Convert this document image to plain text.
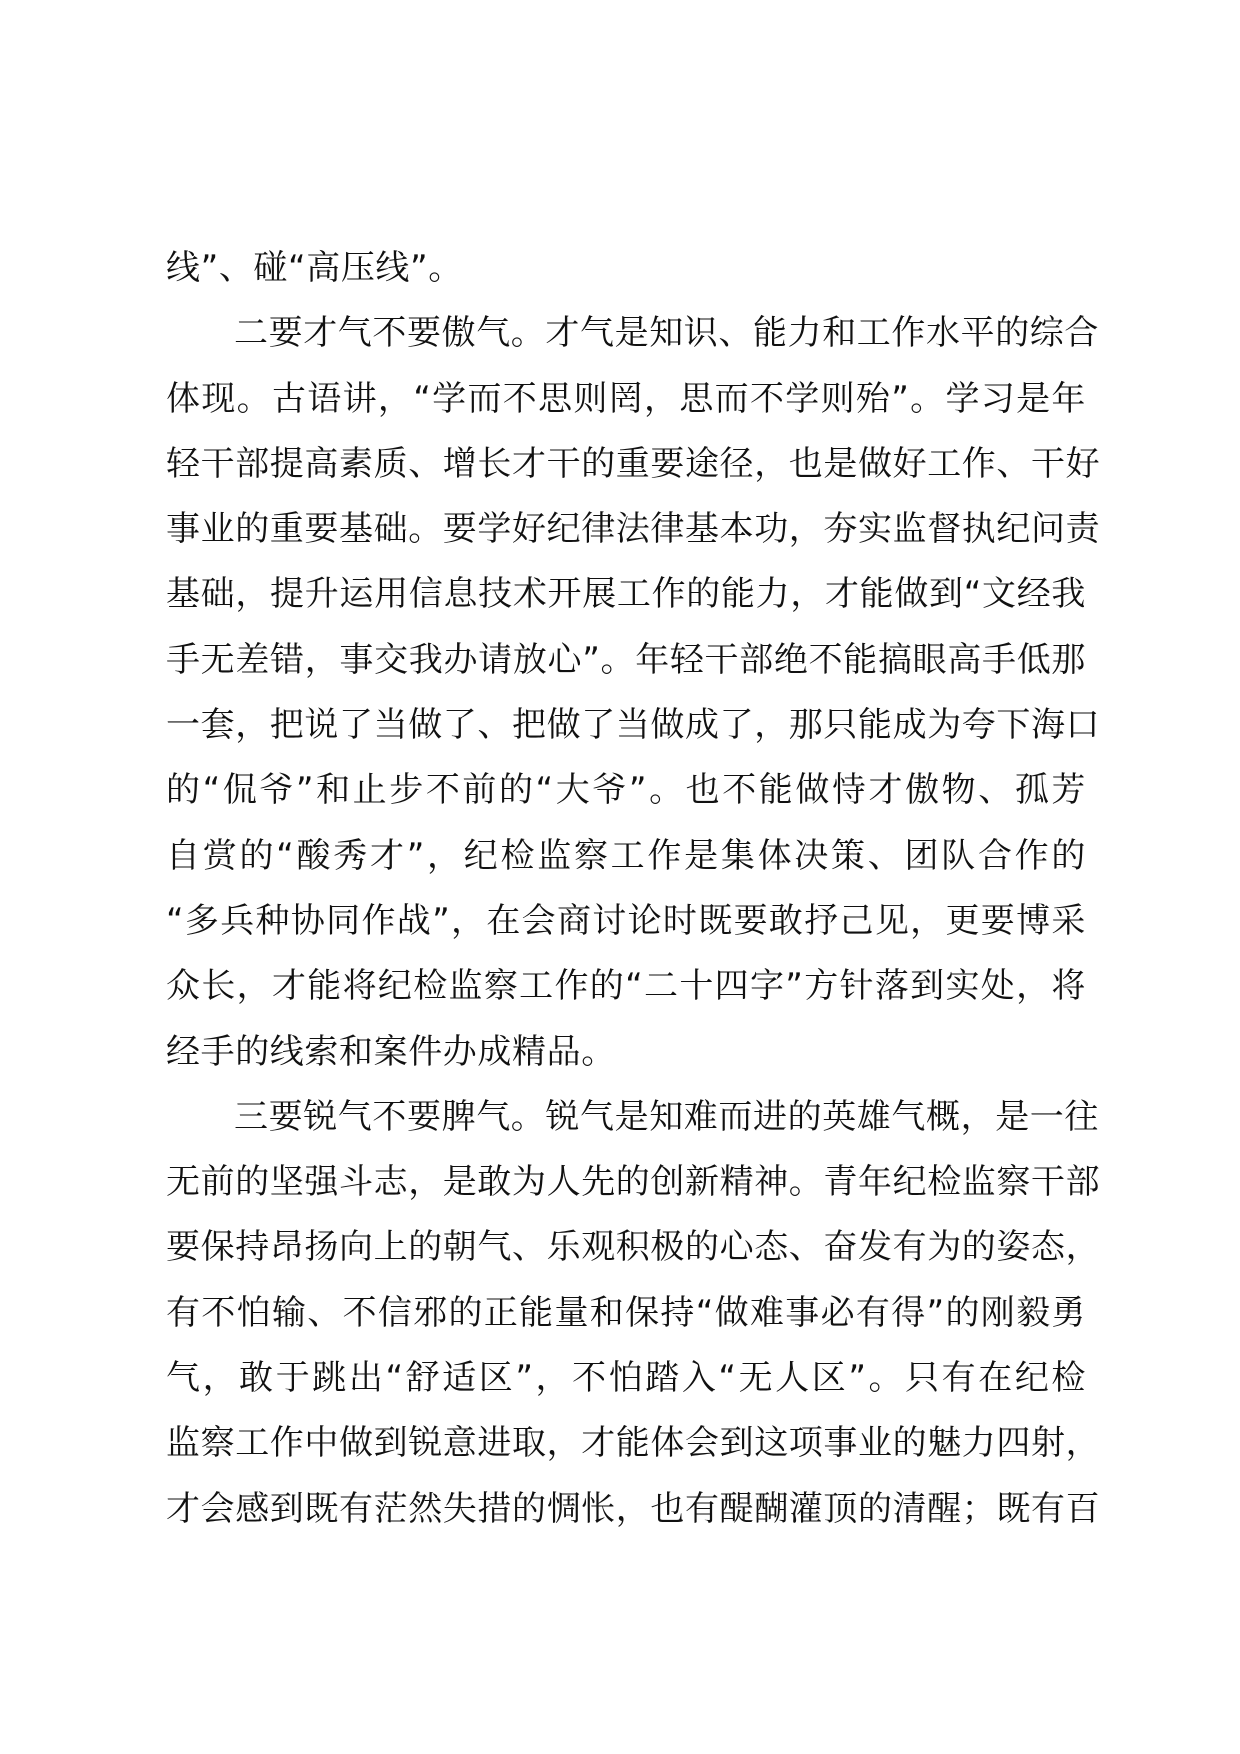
线”、碰“高压线”。
二要才气不要傲气。才气是知识、能力和工作水平的综合
体现。古语讲，“学而不思则罔，思而不学则殆”。学习是年
轻干部提高素质、增长才干的重要途径，也是做好工作、干好
事业的重要基础。要学好纪律法律基本功，夯实监督执纪问责
基础，提升运用信息技术开展工作的能力，才能做到“文经我
手无差错，事交我办请放心”。年轻干部绝不能搞眼高手低那
一套，把说了当做了、把做了当做成了，那只能成为夸下海口
的“侃爷”和止步不前的“大爷”。也不能做恃才傲物、孤芳
自赏的“酸秀才”，纪检监察工作是集体决策、团队合作的
“多兵种协同作战”，在会商讨论时既要敢抒己见，更要博采
众长，才能将纪检监察工作的“二十四字”方针落到实处，将
经手的线索和案件办成精品。
三要锐气不要脾气。锐气是知难而进的英雄气概，是一往
无前的坚强斗志，是敢为人先的创新精神。青年纪检监察干部
要保持昂扬向上的朝气、乐观积极的心态、奋发有为的姿态，
有不怕输、不信邪的正能量和保持“做难事必有得”的刚毅勇
气，敢于跳出“舒适区”，不怕踏入“无人区”。只有在纪检
监察工作中做到锐意进取，才能体会到这项事业的魅力四射，
才会感到既有茫然失措的惆怅，也有醍醐灌顶的清醒；既有百
